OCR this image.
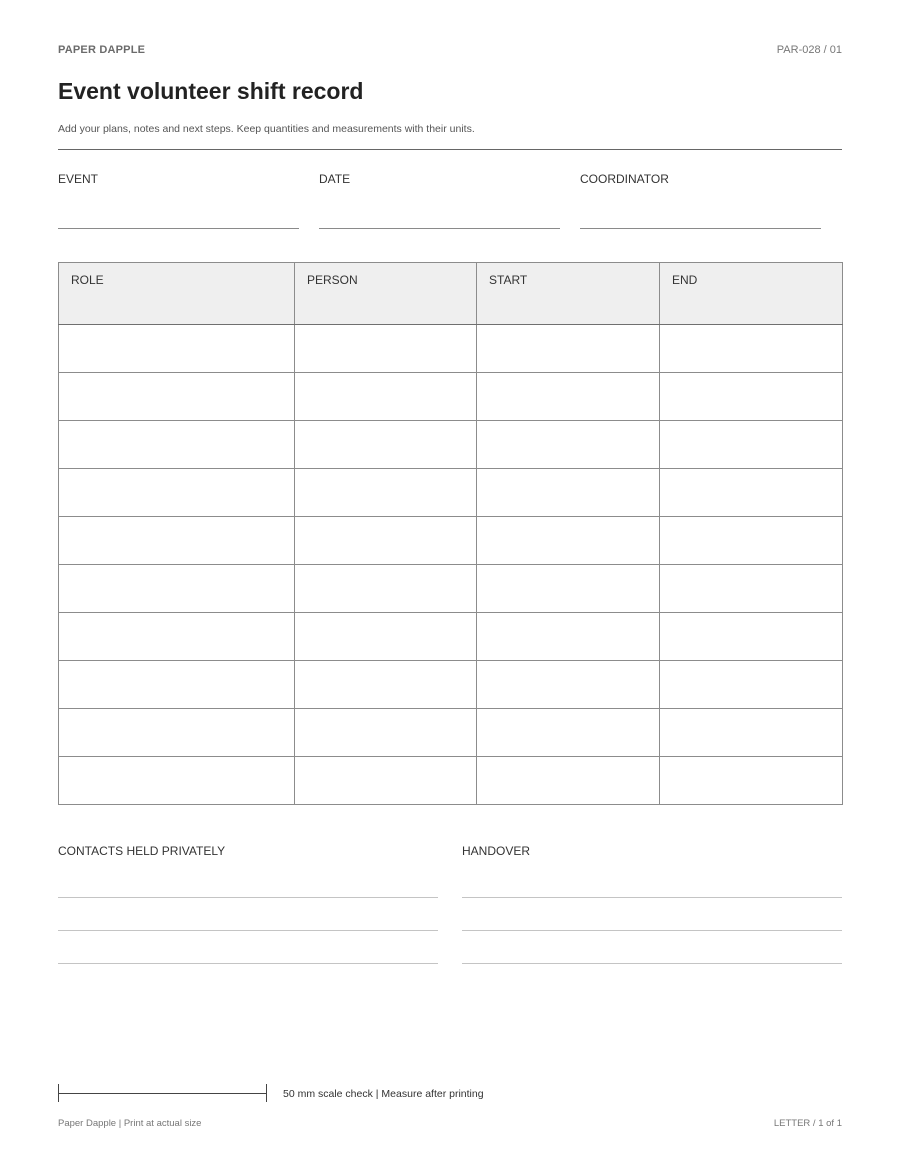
PAPER DAPPLE	PAR-028 / 01
Event volunteer shift record
Add your plans, notes and next steps. Keep quantities and measurements with their units.
EVENT	DATE	COORDINATOR
ROLE	PERSON	START	END

CONTACTS HELD PRIVATELY	HANDOVER
50 mm scale check | Measure after printing
Paper Dapple | Print at actual size	LETTER / 1 of 1
